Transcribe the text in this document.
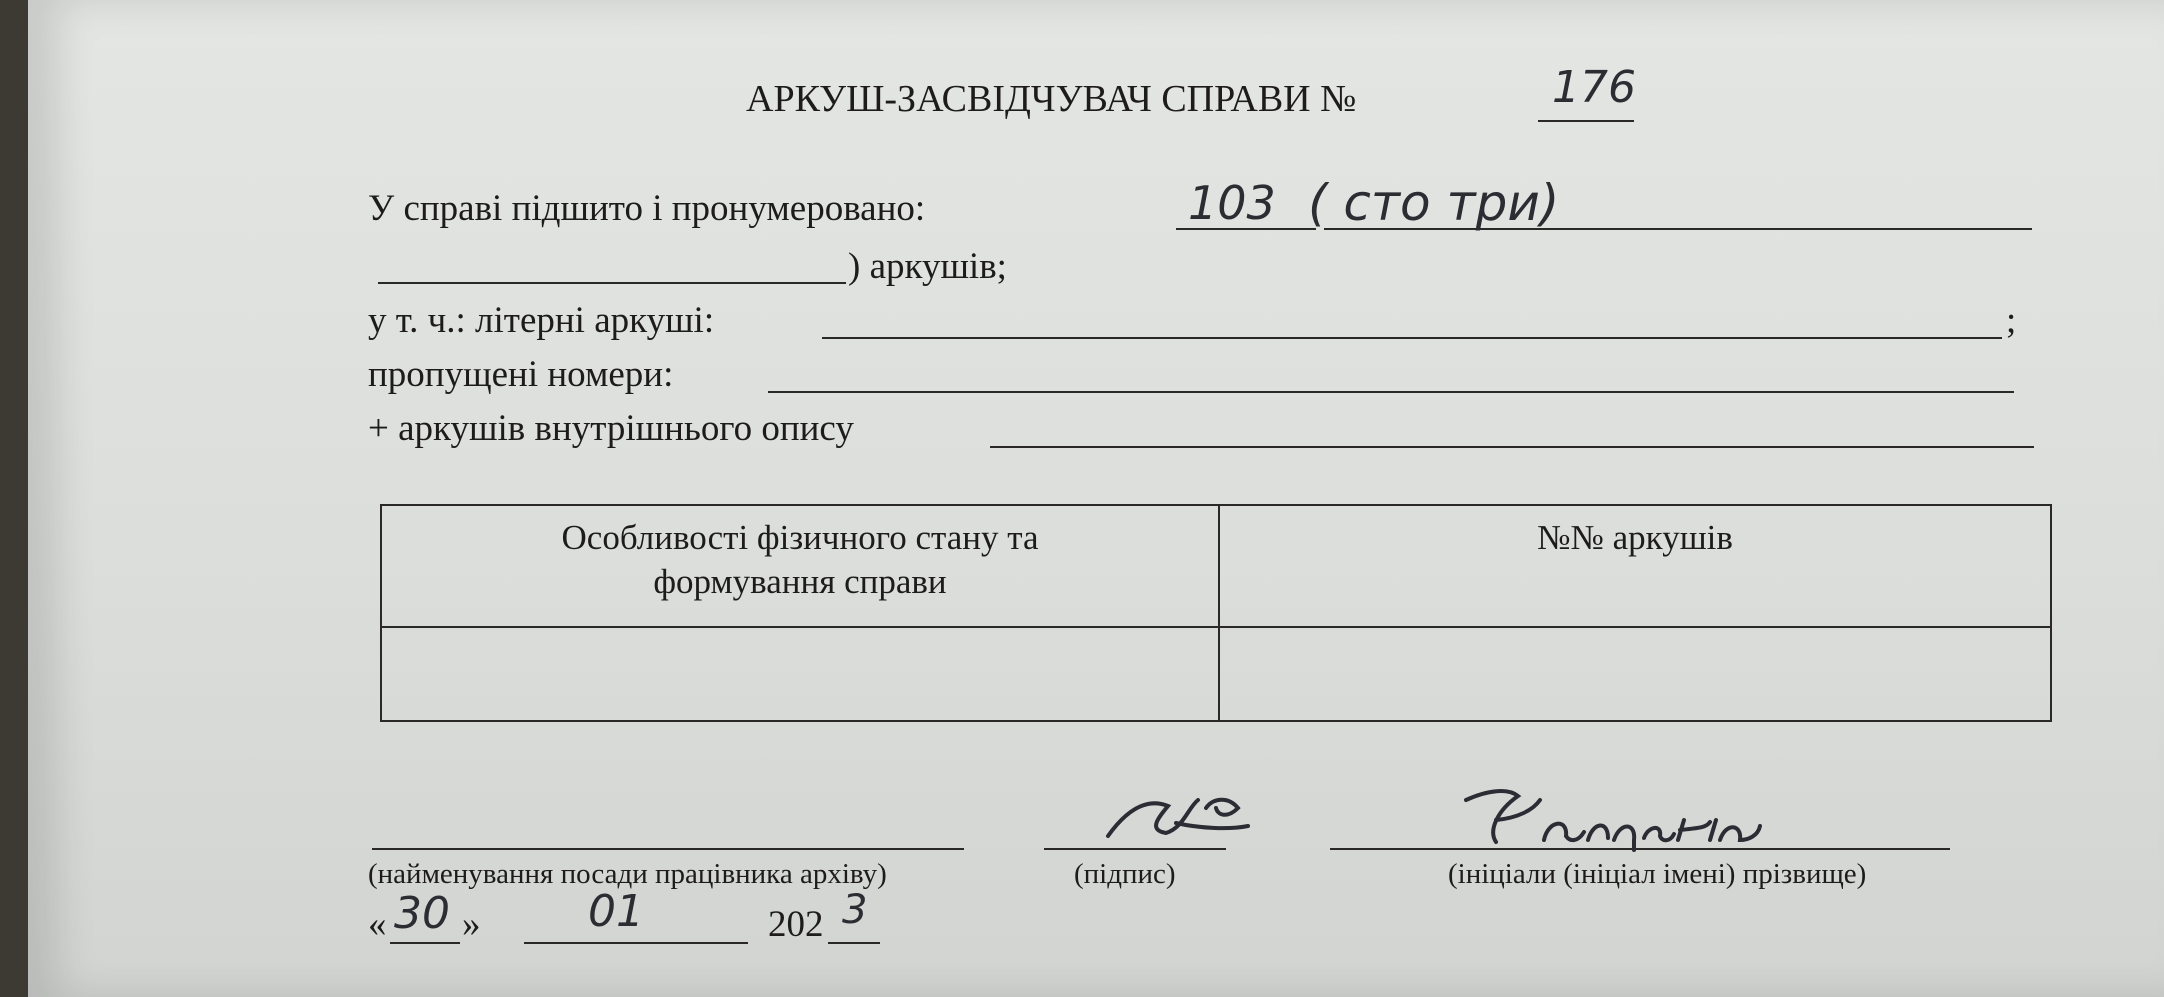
АРКУШ-ЗАСВІДЧУВАЧ СПРАВИ №	176
У справі підшито і пронумеровано:	103 ( сто три)
) аркушів;
у т. ч.: літерні аркуші:	;
пропущені номери:
+ аркушів внутрішнього опису
Особливості фізичного стану та
формування справи	№№ аркушів

(найменування посади працівника архіву)	(підпис)	(ініціали (ініціал імені) прізвище)
« 30 » 01	202 3
